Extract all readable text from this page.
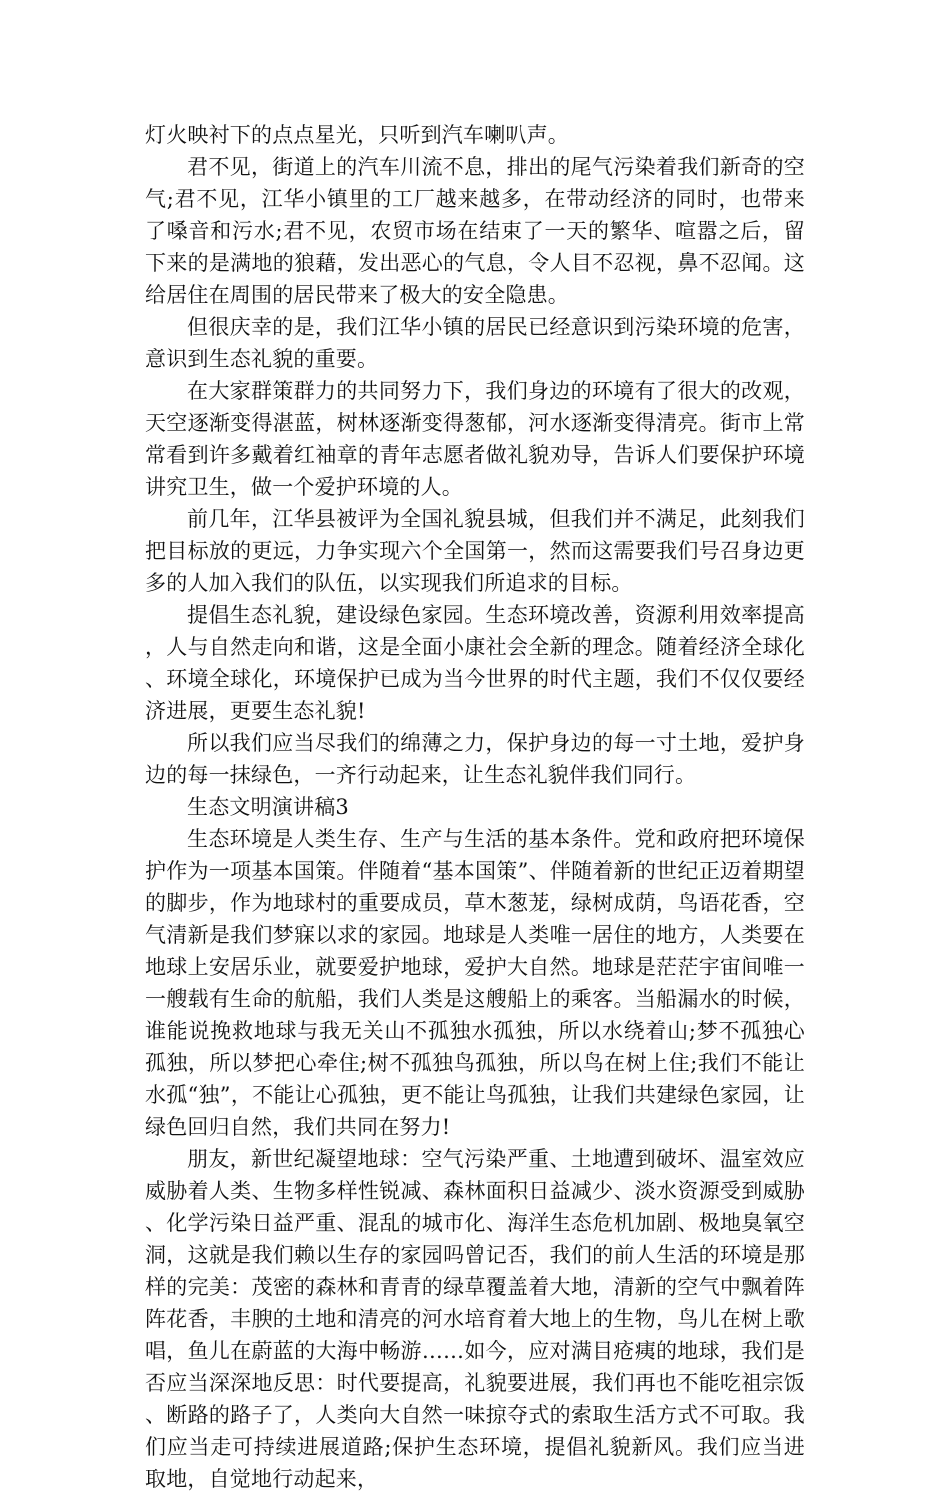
灯火映衬下的点点星光，只听到汽车喇叭声。

君不见，街道上的汽车川流不息，排出的尾气污染着我们新奇的空气;君不见，江华小镇里的工厂越来越多，在带动经济的同时，也带来了嗓音和污水;君不见，农贸市场在结束了一天的繁华、喧嚣之后，留下来的是满地的狼藉，发出恶心的气息，令人目不忍视，鼻不忍闻。这给居住在周围的居民带来了极大的安全隐患。

但很庆幸的是，我们江华小镇的居民已经意识到污染环境的危害，意识到生态礼貌的重要。

在大家群策群力的共同努力下，我们身边的环境有了很大的改观，天空逐渐变得湛蓝，树林逐渐变得葱郁，河水逐渐变得清亮。街市上常常看到许多戴着红袖章的青年志愿者做礼貌劝导，告诉人们要保护环境讲究卫生，做一个爱护环境的人。

前几年，江华县被评为全国礼貌县城，但我们并不满足，此刻我们把目标放的更远，力争实现六个全国第一，然而这需要我们号召身边更多的人加入我们的队伍，以实现我们所追求的目标。

提倡生态礼貌，建设绿色家园。生态环境改善，资源利用效率提高，人与自然走向和谐，这是全面小康社会全新的理念。随着经济全球化、环境全球化，环境保护已成为当今世界的时代主题，我们不仅仅要经济进展，更要生态礼貌!

所以我们应当尽我们的绵薄之力，保护身边的每一寸土地，爱护身边的每一抹绿色，一齐行动起来，让生态礼貌伴我们同行。

生态文明演讲稿3

生态环境是人类生存、生产与生活的基本条件。党和政府把环境保护作为一项基本国策。伴随着“基本国策”、伴随着新的世纪正迈着期望的脚步，作为地球村的重要成员，草木葱茏，绿树成荫，鸟语花香，空气清新是我们梦寐以求的家园。地球是人类唯一居住的地方，人类要在地球上安居乐业，就要爱护地球，爱护大自然。地球是茫茫宇宙间唯一一艘载有生命的航船，我们人类是这艘船上的乘客。当船漏水的时候，谁能说挽救地球与我无关山不孤独水孤独，所以水绕着山;梦不孤独心孤独，所以梦把心牵住;树不孤独鸟孤独，所以鸟在树上住;我们不能让水孤“独”，不能让心孤独，更不能让鸟孤独，让我们共建绿色家园，让绿色回归自然，我们共同在努力!

朋友，新世纪凝望地球：空气污染严重、土地遭到破坏、温室效应威胁着人类、生物多样性锐减、森林面积日益减少、淡水资源受到威胁、化学污染日益严重、混乱的城市化、海洋生态危机加剧、极地臭氧空洞，这就是我们赖以生存的家园吗曾记否，我们的前人生活的环境是那样的完美：茂密的森林和青青的绿草覆盖着大地，清新的空气中飘着阵阵花香，丰腴的土地和清亮的河水培育着大地上的生物，鸟儿在树上歌唱，鱼儿在蔚蓝的大海中畅游……如今，应对满目疮痍的地球，我们是否应当深深地反思：时代要提高，礼貌要进展，我们再也不能吃祖宗饭、断路的路子了，人类向大自然一味掠夺式的索取生活方式不可取。我们应当走可持续进展道路;保护生态环境，提倡礼貌新风。我们应当进取地，自觉地行动起来，
